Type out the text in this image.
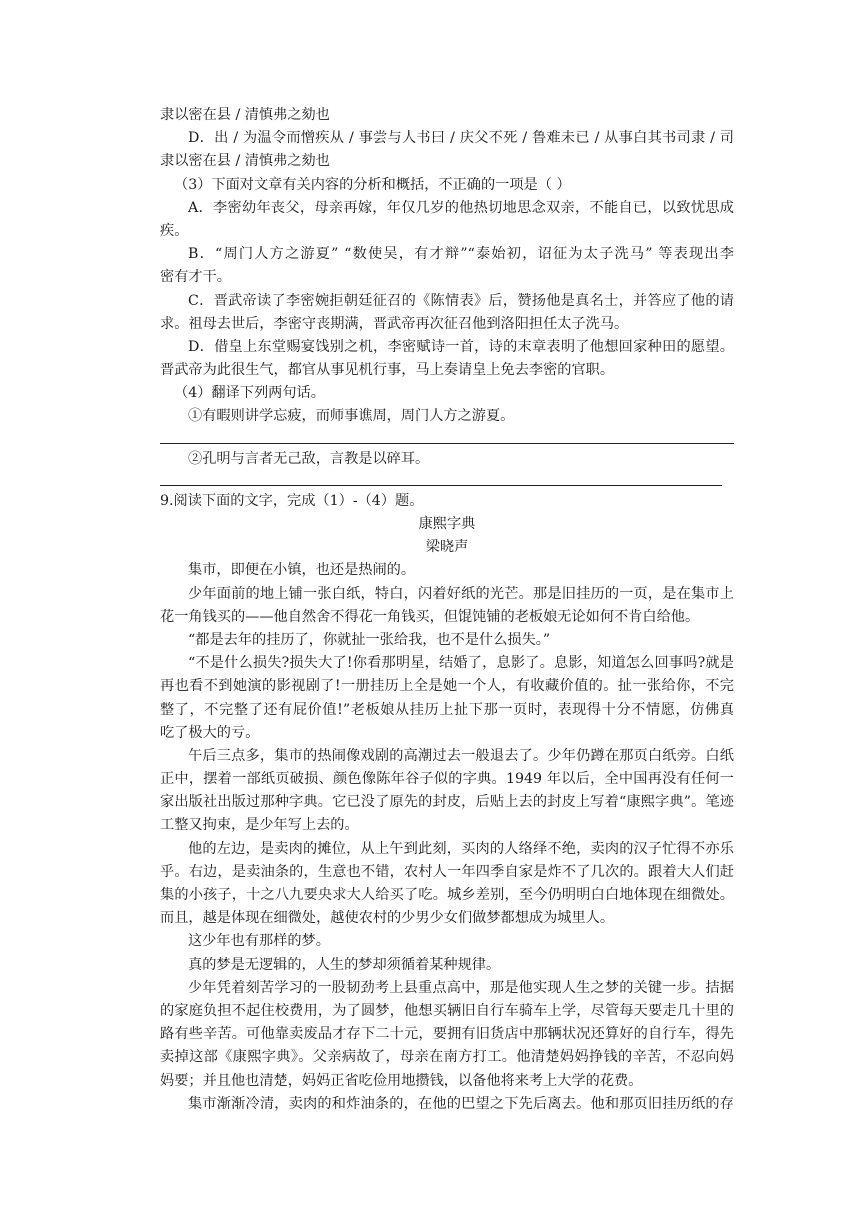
隶以密在县 / 清慎弗之劾也
D．出 / 为温令而憎疾从 / 事尝与人书曰 / 庆父不死 / 鲁难未已 / 从事白其书司隶 / 司
隶以密在县 / 清慎弗之劾也
（3）下面对文章有关内容的分析和概括，不正确的一项是（ ）
A．李密幼年丧父，母亲再嫁，年仅几岁的他热切地思念双亲，不能自已，以致忧思成
疾。
B．“周门人方之游夏” “数使吴，有才辩”“泰始初，诏征为太子洗马” 等表现出李
密有才干。
C．晋武帝读了李密婉拒朝廷征召的《陈情表》后，赞扬他是真名士，并答应了他的请
求。祖母去世后，李密守丧期满，晋武帝再次征召他到洛阳担任太子洗马。
D．借皇上东堂赐宴饯别之机，李密赋诗一首，诗的末章表明了他想回家种田的愿望。
晋武帝为此很生气，都官从事见机行事，马上奏请皇上免去李密的官职。
（4）翻译下列两句话。
①有暇则讲学忘疲，而师事谯周，周门人方之游夏。
②孔明与言者无己敌，言教是以碎耳。
9.阅读下面的文字，完成（1）-（4）题。
康熙字典
梁晓声
集市，即便在小镇，也还是热闹的。
少年面前的地上铺一张白纸，特白，闪着好纸的光芒。那是旧挂历的一页，是在集市上
花一角钱买的——他自然舍不得花一角钱买，但馄饨铺的老板娘无论如何不肯白给他。
“都是去年的挂历了，你就扯一张给我，也不是什么损失。”
“不是什么损失?损失大了!你看那明星，结婚了，息影了。息影，知道怎么回事吗?就是
再也看不到她演的影视剧了!一册挂历上全是她一个人，有收藏价值的。扯一张给你，不完
整了，不完整了还有屁价值!”老板娘从挂历上扯下那一页时，表现得十分不情愿，仿佛真
吃了极大的亏。
午后三点多，集市的热闹像戏剧的高潮过去一般退去了。少年仍蹲在那页白纸旁。白纸
正中，摆着一部纸页破损、颜色像陈年谷子似的字典。1949 年以后，全中国再没有任何一
家出版社出版过那种字典。它已没了原先的封皮，后贴上去的封皮上写着“康熙字典”。笔迹
工整又拘束，是少年写上去的。
他的左边，是卖肉的摊位，从上午到此刻，买肉的人络绎不绝，卖肉的汉子忙得不亦乐
乎。右边，是卖油条的，生意也不错，农村人一年四季自家是炸不了几次的。跟着大人们赶
集的小孩子，十之八九要央求大人给买了吃。城乡差别，至今仍明明白白地体现在细微处。
而且，越是体现在细微处，越使农村的少男少女们做梦都想成为城里人。
这少年也有那样的梦。
真的梦是无逻辑的，人生的梦却须循着某种规律。
少年凭着刻苦学习的一股韧劲考上县重点高中，那是他实现人生之梦的关键一步。拮据
的家庭负担不起住校费用，为了圆梦，他想买辆旧自行车骑车上学，尽管每天要走几十里的
路有些辛苦。可他靠卖废品才存下二十元，要拥有旧货店中那辆状况还算好的自行车，得先
卖掉这部《康熙字典》。父亲病故了，母亲在南方打工。他清楚妈妈挣钱的辛苦，不忍向妈
妈要；并且他也清楚，妈妈正省吃俭用地攒钱，以备他将来考上大学的花费。
集市渐渐冷清，卖肉的和炸油条的，在他的巴望之下先后离去。他和那页旧挂历纸的存
